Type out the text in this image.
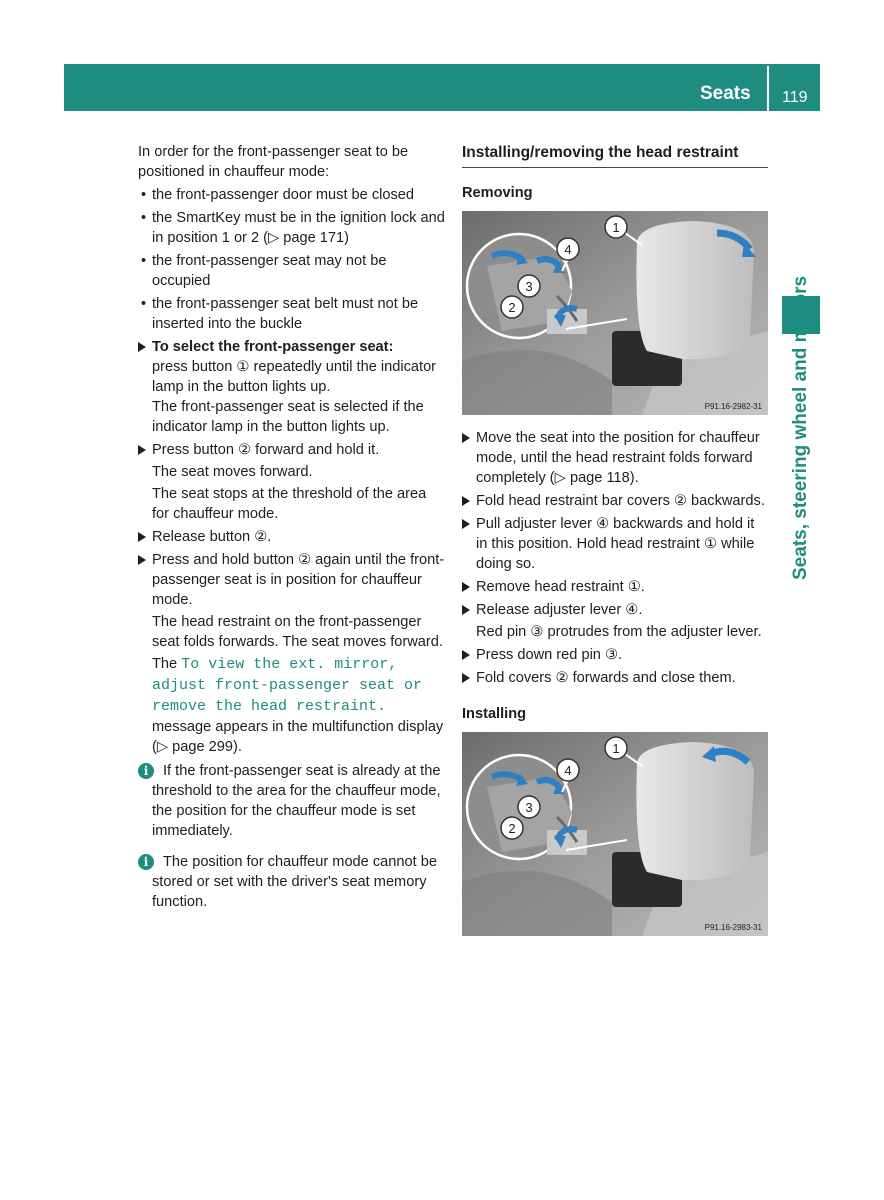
Seats 119
Seats, steering wheel and mirrors

In order for the front-passenger seat to be positioned in chauffeur mode:

• the front-passenger door must be closed
• the SmartKey must be in the ignition lock and in position 1 or 2 (▷ page 171)
• the front-passenger seat may not be occupied
• the front-passenger seat belt must not be inserted into the buckle

To select the front-passenger seat:
press button ① repeatedly until the indicator lamp in the button lights up.

The front-passenger seat is selected if the indicator lamp in the button lights up.

Press button ② forward and hold it.

The seat moves forward.

The seat stops at the threshold of the area for chauffeur mode.

Release button ②.

Press and hold button ② again until the front-passenger seat is in position for chauffeur mode.

The head restraint on the front-passenger seat folds forwards. The seat moves forward.

The To view the ext. mirror, adjust front-passenger seat or remove the head restraint. message appears in the multifunction display (▷ page 299).

i	If the front-passenger seat is already at the threshold to the area for the chauffeur mode, the position for the chauffeur mode is set immediately.

i	The position for chauffeur mode cannot be stored or set with the driver's seat memory function.

Installing/removing the head restraint
Removing
1
4
3
2
P91.16-2982-31

Move the seat into the position for chauffeur mode, until the head restraint folds forward completely (▷ page 118).

Fold head restraint bar covers ② backwards.

Pull adjuster lever ④ backwards and hold it in this position. Hold head restraint ① while doing so.

Remove head restraint ①.

Release adjuster lever ④.

Red pin ③ protrudes from the adjuster lever.

Press down red pin ③.

Fold covers ② forwards and close them.

Installing
1
4
3
2
P91.16-2983-31
